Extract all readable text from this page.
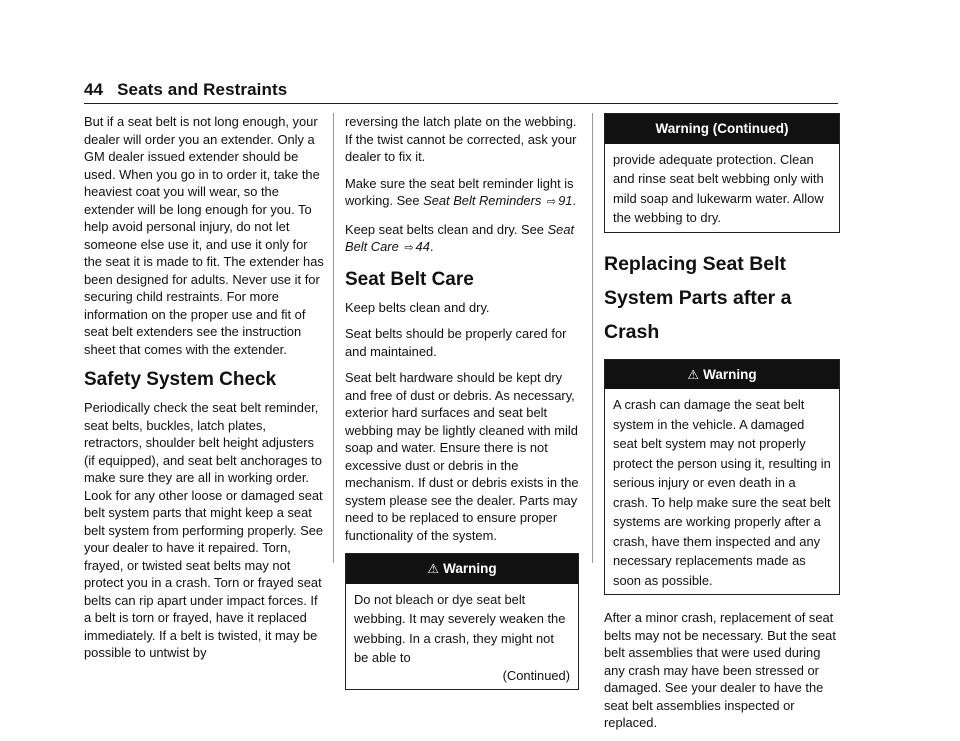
44 Seats and Restraints

But if a seat belt is not long enough, your dealer will order you an extender. Only a GM dealer issued extender should be used. When you go in to order it, take the heaviest coat you will wear, so the extender will be long enough for you. To help avoid personal injury, do not let someone else use it, and use it only for the seat it is made to fit. The extender has been designed for adults. Never use it for securing child restraints. For more information on the proper use and fit of seat belt extenders see the instruction sheet that comes with the extender.

Safety System Check

Periodically check the seat belt reminder, seat belts, buckles, latch plates, retractors, shoulder belt height adjusters (if equipped), and seat belt anchorages to make sure they are all in working order. Look for any other loose or damaged seat belt system parts that might keep a seat belt system from performing properly. See your dealer to have it repaired. Torn, frayed, or twisted seat belts may not protect you in a crash. Torn or frayed seat belts can rip apart under impact forces. If a belt is torn or frayed, have it replaced immediately. If a belt is twisted, it may be possible to untwist by

reversing the latch plate on the webbing. If the twist cannot be corrected, ask your dealer to fix it.

Make sure the seat belt reminder light is working. See Seat Belt Reminders ⇨ 91.

Keep seat belts clean and dry. See Seat Belt Care ⇨ 44.

Seat Belt Care

Keep belts clean and dry.

Seat belts should be properly cared for and maintained.

Seat belt hardware should be kept dry and free of dust or debris. As necessary, exterior hard surfaces and seat belt webbing may be lightly cleaned with mild soap and water. Ensure there is not excessive dust or debris in the mechanism. If dust or debris exists in the system please see the dealer. Parts may need to be replaced to ensure proper functionality of the system.

⚠ Warning
Do not bleach or dye seat belt webbing. It may severely weaken the webbing. In a crash, they might not be able to
(Continued)
Warning (Continued)
provide adequate protection. Clean and rinse seat belt webbing only with mild soap and lukewarm water. Allow the webbing to dry.
Replacing Seat Belt System Parts after a Crash
⚠ Warning
A crash can damage the seat belt system in the vehicle. A damaged seat belt system may not properly protect the person using it, resulting in serious injury or even death in a crash. To help make sure the seat belt systems are working properly after a crash, have them inspected and any necessary replacements made as soon as possible.

After a minor crash, replacement of seat belts may not be necessary. But the seat belt assemblies that were used during any crash may have been stressed or damaged. See your dealer to have the seat belt assemblies inspected or replaced.
